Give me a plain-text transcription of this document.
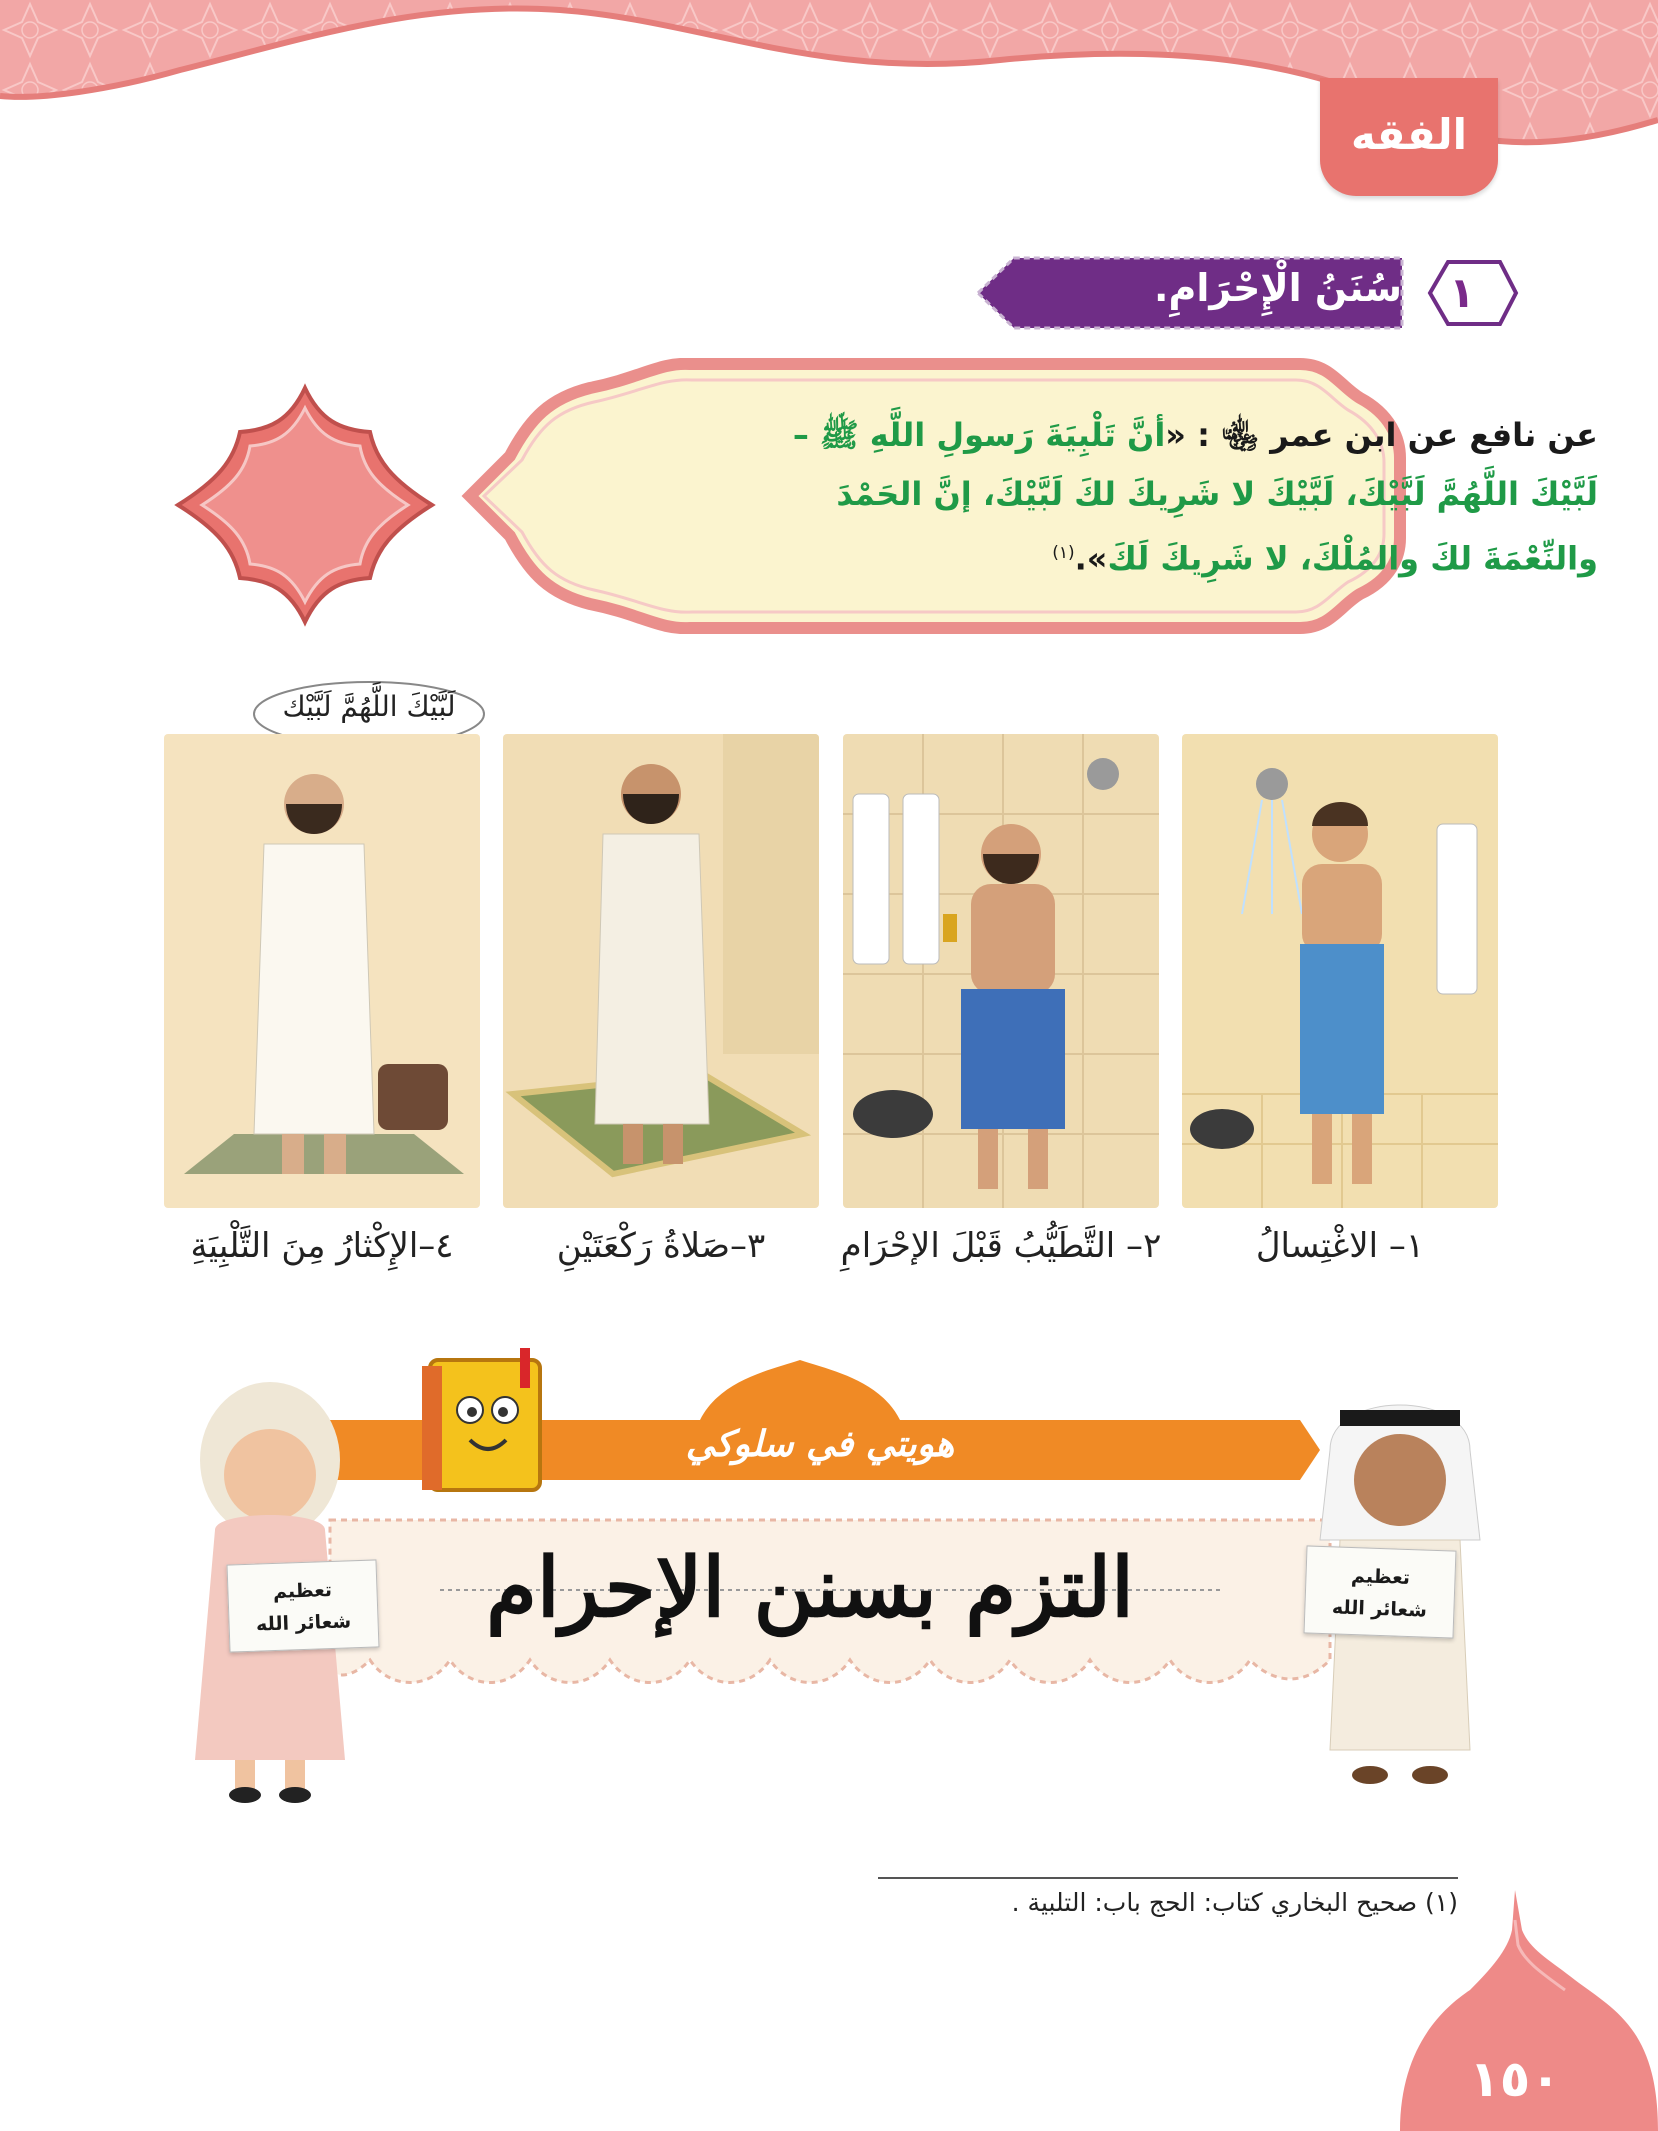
الفقه
سُنَنُ الْإِحْرَامِ.	١
عن نافع عن ابن عمر ﵄ : «أنَّ تَلْبِيَةَ رَسولِ اللَّهِ ﷺ –
لَبَّيْكَ اللَّهُمَّ لَبَّيْكَ، لَبَّيْكَ لا شَرِيكَ لكَ لَبَّيْكَ، إنَّ الحَمْدَ
والنِّعْمَةَ لكَ والمُلْكَ، لا شَرِيكَ لَكَ».$^{(١)}$
لَبَّيْكَ اللَّهُمَّ لَبَّيْك
١– الاغْتِسالُ
٢– التَّطَيُّبُ قَبْلَ الإحْرَامِ
٣–صَلاةُ رَكْعَتَيْنِ
٤–الإِكْثارُ مِنَ التَّلْبِيَةِ
هويتي في سلوكي
التزم بسنن الإحرام
تعظيم
شعائر الله
تعظيم
شعائر الله
(١) صحيح البخاري كتاب: الحج باب: التلبية .
١٥٠
